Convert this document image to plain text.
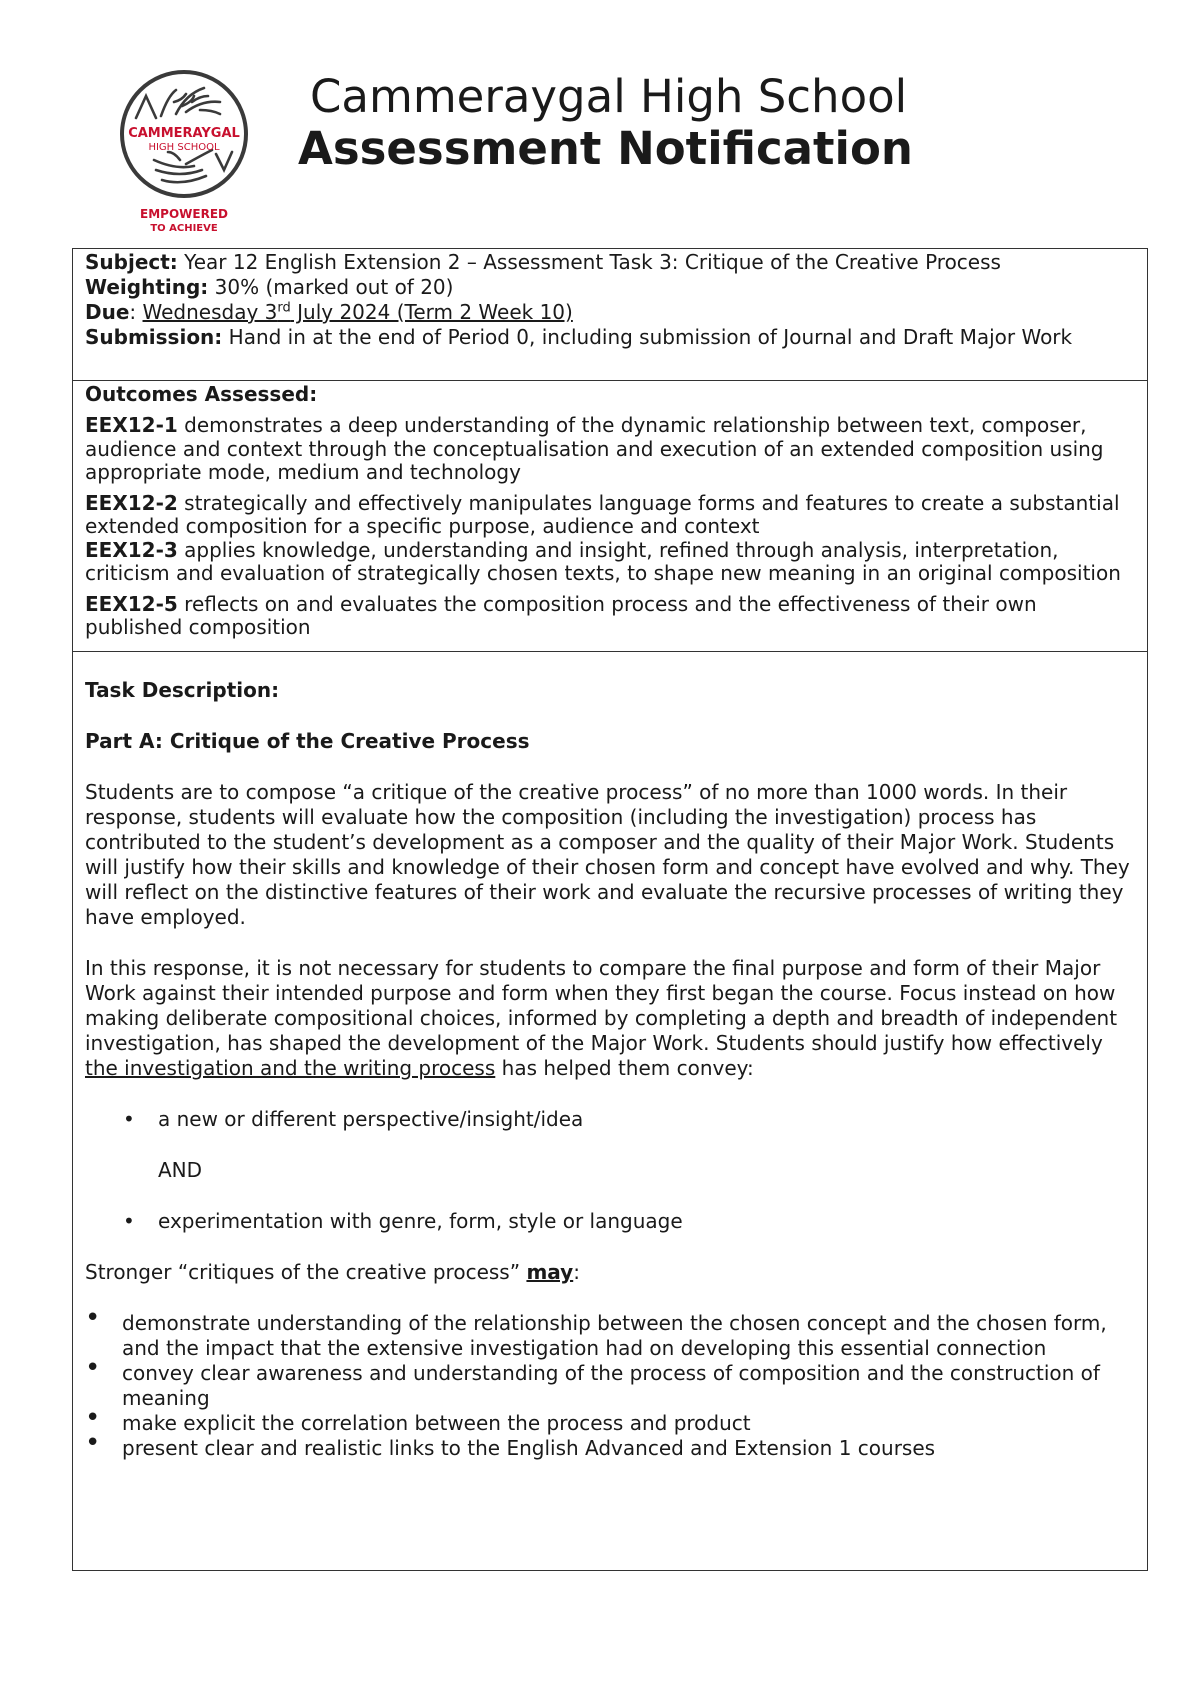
CAMMERAYGAL
HIGH SCHOOL
EMPOWERED
TO ACHIEVE
Cammeraygal High School
Assessment Notification

Subject: Year 12 English Extension 2 – Assessment Task 3: Critique of the Creative Process

Weighting: 30% (marked out of 20)

Due: Wednesday 3rd July 2024 (Term 2 Week 10)

Submission: Hand in at the end of Period 0, including submission of Journal and Draft Major Work

Outcomes Assessed:

EEX12-1 demonstrates a deep understanding of the dynamic relationship between text, composer, audience and context through the conceptualisation and execution of an extended composition using appropriate mode, medium and technology

EEX12-2 strategically and effectively manipulates language forms and features to create a substantial extended composition for a specific purpose, audience and context

EEX12-3 applies knowledge, understanding and insight, refined through analysis, interpretation, criticism and evaluation of strategically chosen texts, to shape new meaning in an original composition

EEX12-5 reflects on and evaluates the composition process and the effectiveness of their own published composition

Task Description:

Part A: Critique of the Creative Process

Students are to compose “a critique of the creative process” of no more than 1000 words. In their response, students will evaluate how the composition (including the investigation) process has contributed to the student’s development as a composer and the quality of their Major Work. Students will justify how their skills and knowledge of their chosen form and concept have evolved and why. They will reflect on the distinctive features of their work and evaluate the recursive processes of writing they have employed.

In this response, it is not necessary for students to compare the final purpose and form of their Major Work against their intended purpose and form when they first began the course. Focus instead on how making deliberate compositional choices, informed by completing a depth and breadth of independent investigation, has shaped the development of the Major Work. Students should justify how effectively the investigation and the writing process has helped them convey:

• a new or different perspective/insight/idea

AND

• experimentation with genre, form, style or language

Stronger “critiques of the creative process” may:

• demonstrate understanding of the relationship between the chosen concept and the chosen form, and the impact that the extensive investigation had on developing this essential connection
• convey clear awareness and understanding of the process of composition and the construction of meaning
• make explicit the correlation between the process and product
• present clear and realistic links to the English Advanced and Extension 1 courses
